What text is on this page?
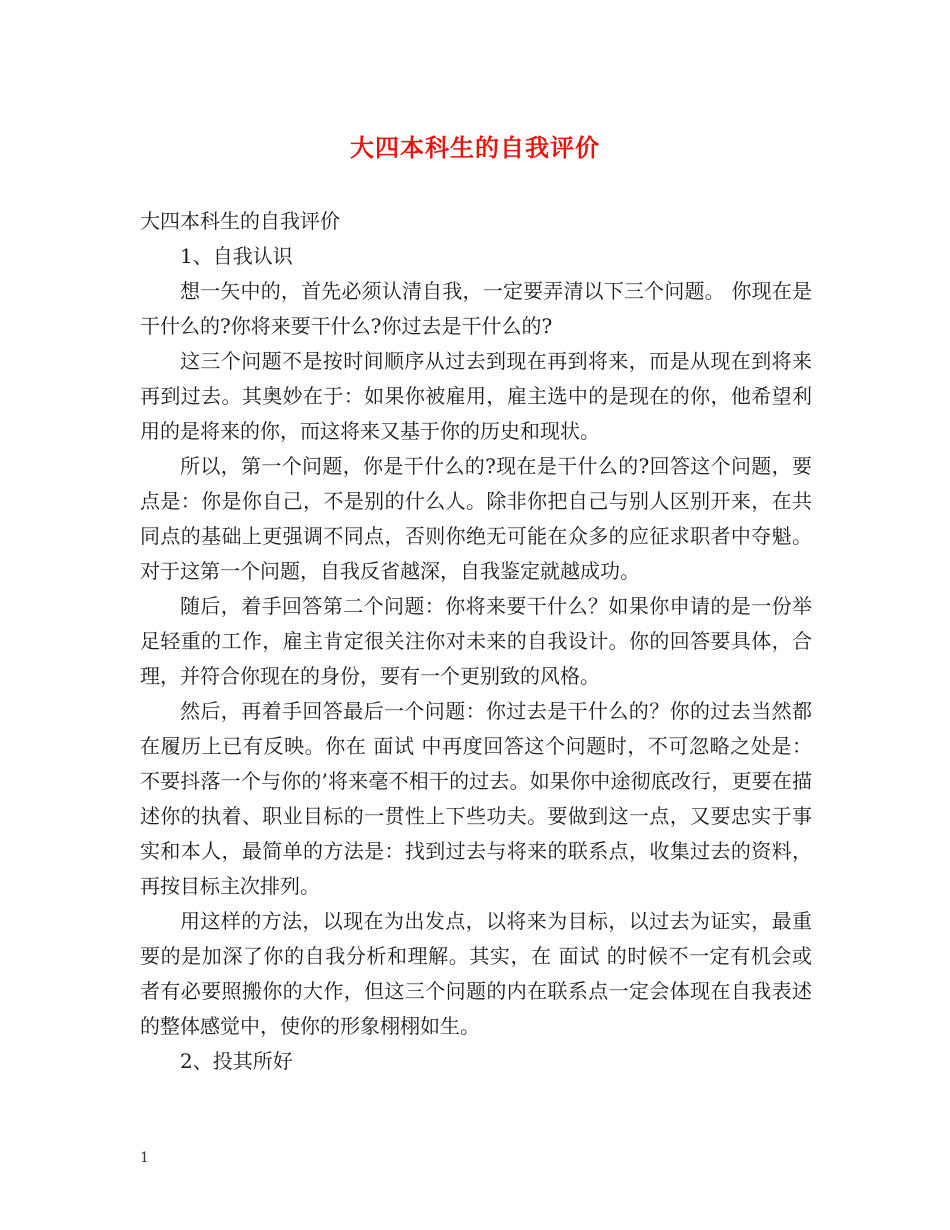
大四本科生的自我评价

大四本科生的自我评价

1、自我认识

想一矢中的，首先必须认清自我，一定要弄清以下三个问题。 你现在是干什么的?你将来要干什么?你过去是干什么的?

这三个问题不是按时间顺序从过去到现在再到将来，而是从现在到将来再到过去。其奥妙在于：如果你被雇用，雇主选中的是现在的你，他希望利用的是将来的你，而这将来又基于你的历史和现状。

所以，第一个问题，你是干什么的?现在是干什么的?回答这个问题，要点是：你是你自己，不是别的什么人。除非你把自己与别人区别开来，在共同点的基础上更强调不同点，否则你绝无可能在众多的应征求职者中夺魁。 对于这第一个问题，自我反省越深，自我鉴定就越成功。

随后，着手回答第二个问题：你将来要干什么？如果你申请的是一份举足轻重的工作，雇主肯定很关注你对未来的自我设计。你的回答要具体，合理，并符合你现在的身份，要有一个更别致的风格。

然后，再着手回答最后一个问题：你过去是干什么的？你的过去当然都在履历上已有反映。你在 面试 中再度回答这个问题时，不可忽略之处是：不要抖落一个与你的’将来毫不相干的过去。如果你中途彻底改行，更要在描述你的执着、职业目标的一贯性上下些功夫。要做到这一点，又要忠实于事实和本人，最简单的方法是：找到过去与将来的联系点，收集过去的资料，再按目标主次排列。

用这样的方法，以现在为出发点，以将来为目标，以过去为证实，最重要的是加深了你的自我分析和理解。其实，在 面试 的时候不一定有机会或者有必要照搬你的大作，但这三个问题的内在联系点一定会体现在自我表述的整体感觉中，使你的形象栩栩如生。

2、投其所好

1
